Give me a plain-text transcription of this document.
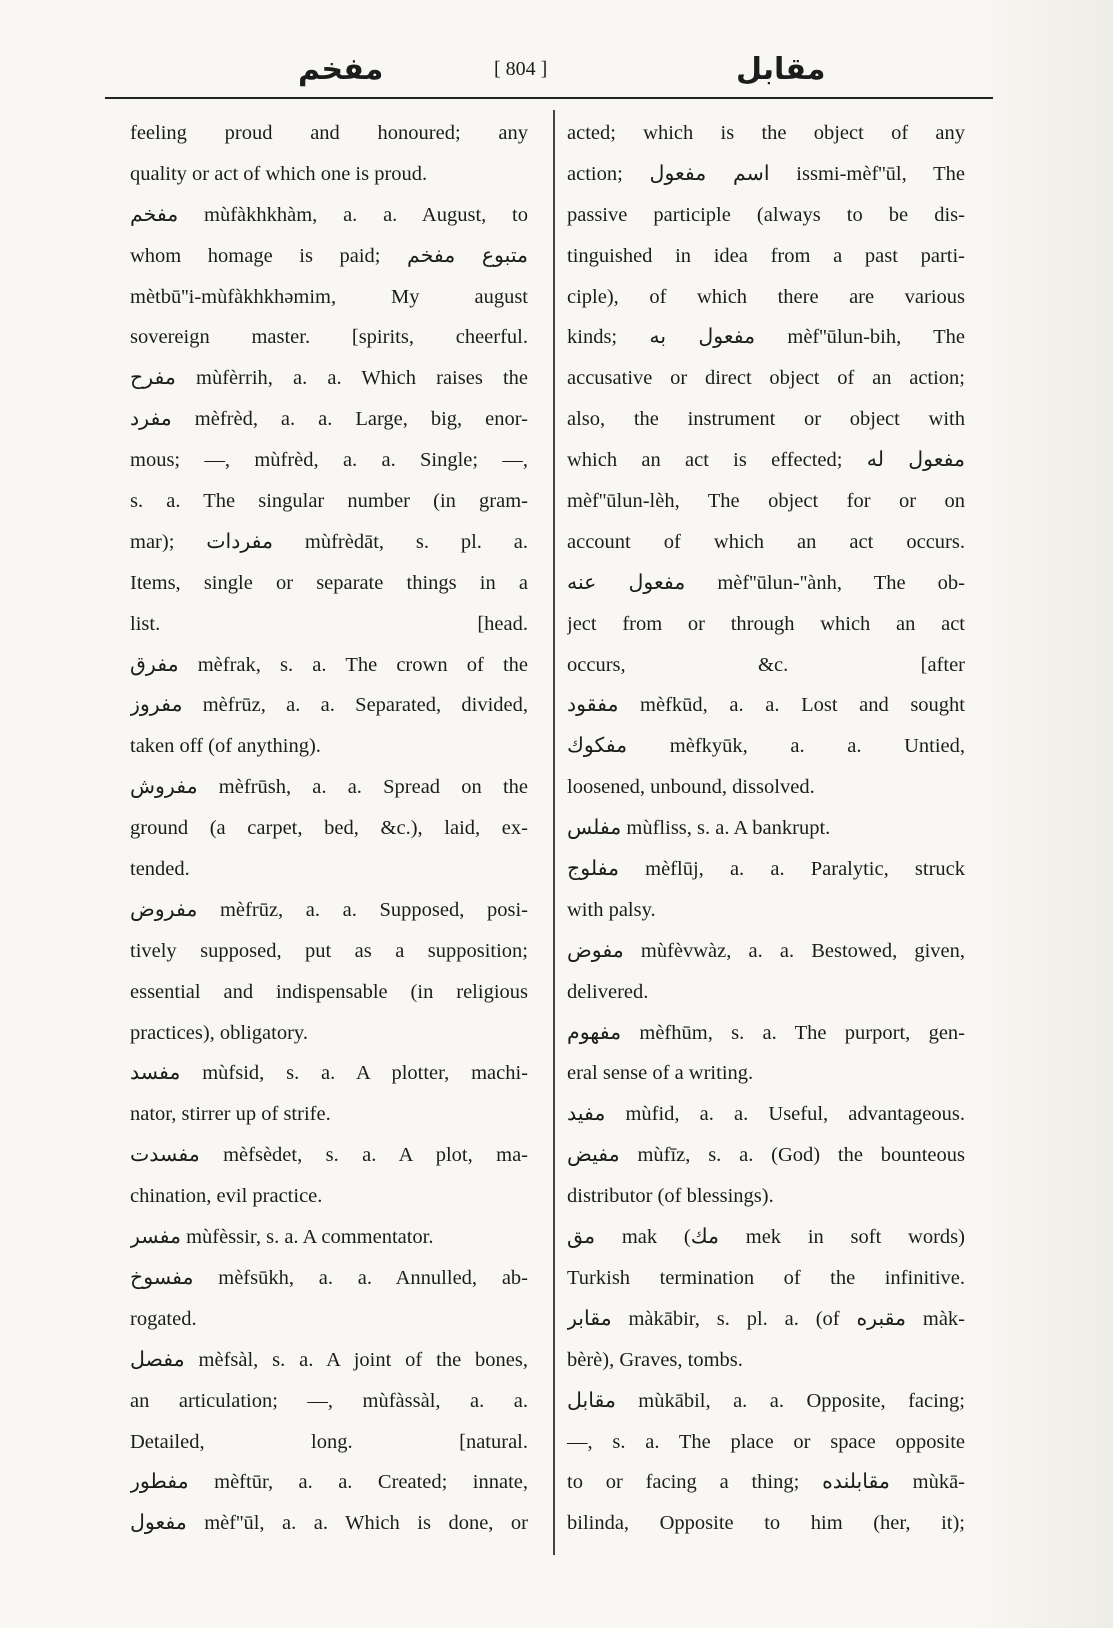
مفخم	[ 804 ]	مقابل
feeling proud and honoured; any
quality or act of which one is proud.
مفخم mùfàkhkhàm, a. a. August, to
whom homage is paid; متبوع مفخم
mètbū''i-mùfàkhkhəmim, My august
sovereign master. [spirits, cheerful.
مفرح mùfèrrih, a. a. Which raises the
مفرد mèfrèd, a. a. Large, big, enor-
mous; —, mùfrèd, a. a. Single; —,
s. a. The singular number (in gram-
mar); مفردات mùfrèdāt, s. pl. a.
Items, single or separate things in a
list. [head.
مفرق mèfrak, s. a. The crown of the
مفروز mèfrūz, a. a. Separated, divided,
taken off (of anything).
مفروش mèfrūsh, a. a. Spread on the
ground (a carpet, bed, &c.), laid, ex-
tended.
مفروض mèfrūz, a. a. Supposed, posi-
tively supposed, put as a supposition;
essential and indispensable (in religious
practices), obligatory.
مفسد mùfsid, s. a. A plotter, machi-
nator, stirrer up of strife.
مفسدت mèfsèdet, s. a. A plot, ma-
chination, evil practice.
مفسر mùfèssir, s. a. A commentator.
مفسوخ mèfsūkh, a. a. Annulled, ab-
rogated.
مفصل mèfsàl, s. a. A joint of the bones,
an articulation; —, mùfàssàl, a. a.
Detailed, long. [natural.
مفطور mèftūr, a. a. Created; innate,
مفعول mèf''ūl, a. a. Which is done, or
acted; which is the object of any
action; اسم مفعول issmi-mèf''ūl, The
passive participle (always to be dis-
tinguished in idea from a past parti-
ciple), of which there are various
kinds; مفعول به mèf''ūlun-bih, The
accusative or direct object of an action;
also, the instrument or object with
which an act is effected; مفعول له
mèf''ūlun-lèh, The object for or on
account of which an act occurs.
مفعول عنه mèf''ūlun-''ành, The ob-
ject from or through which an act
occurs, &c. [after
مفقود mèfkūd, a. a. Lost and sought
مفكوك mèfkyūk, a. a. Untied,
loosened, unbound, dissolved.
مفلس mùfliss, s. a. A bankrupt.
مفلوج mèflūj, a. a. Paralytic, struck
with palsy.
مفوض mùfèvwàz, a. a. Bestowed, given,
delivered.
مفهوم mèfhūm, s. a. The purport, gen-
eral sense of a writing.
مفيد mùfid, a. a. Useful, advantageous.
مفيض mùfīz, s. a. (God) the bounteous
distributor (of blessings).
مق mak (مك mek in soft words)
Turkish termination of the infinitive.
مقابر màkābir, s. pl. a. (of مقبره màk-
bèrè), Graves, tombs.
مقابل mùkābil, a. a. Opposite, facing;
—, s. a. The place or space opposite
to or facing a thing; مقابلنده mùkā-
bilinda, Opposite to him (her, it);
